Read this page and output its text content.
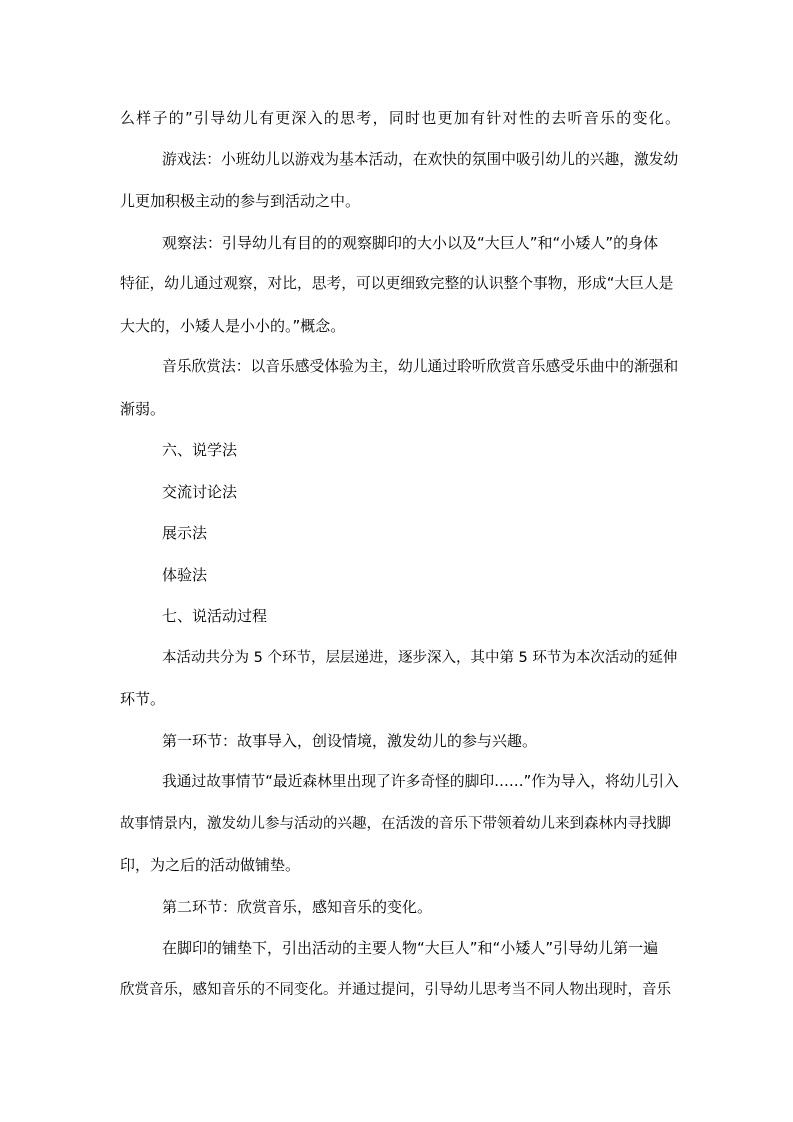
么样子的”引导幼儿有更深入的思考，同时也更加有针对性的去听音乐的变化。
游戏法：小班幼儿以游戏为基本活动，在欢快的氛围中吸引幼儿的兴趣，激发幼
儿更加积极主动的参与到活动之中。
观察法：引导幼儿有目的的观察脚印的大小以及“大巨人”和“小矮人”的身体
特征，幼儿通过观察，对比，思考，可以更细致完整的认识整个事物，形成“大巨人是
大大的，小矮人是小小的。”概念。
音乐欣赏法：以音乐感受体验为主，幼儿通过聆听欣赏音乐感受乐曲中的渐强和
渐弱。
六、说学法
交流讨论法
展示法
体验法
七、说活动过程
本活动共分为 5 个环节，层层递进，逐步深入，其中第 5 环节为本次活动的延伸
环节。
第一环节：故事导入，创设情境，激发幼儿的参与兴趣。
我通过故事情节“最近森林里出现了许多奇怪的脚印……”作为导入，将幼儿引入
故事情景内，激发幼儿参与活动的兴趣，在活泼的音乐下带领着幼儿来到森林内寻找脚
印，为之后的活动做铺垫。
第二环节：欣赏音乐，感知音乐的变化。
在脚印的铺垫下，引出活动的主要人物“大巨人”和“小矮人”引导幼儿第一遍
欣赏音乐，感知音乐的不同变化。并通过提问，引导幼儿思考当不同人物出现时，音乐
